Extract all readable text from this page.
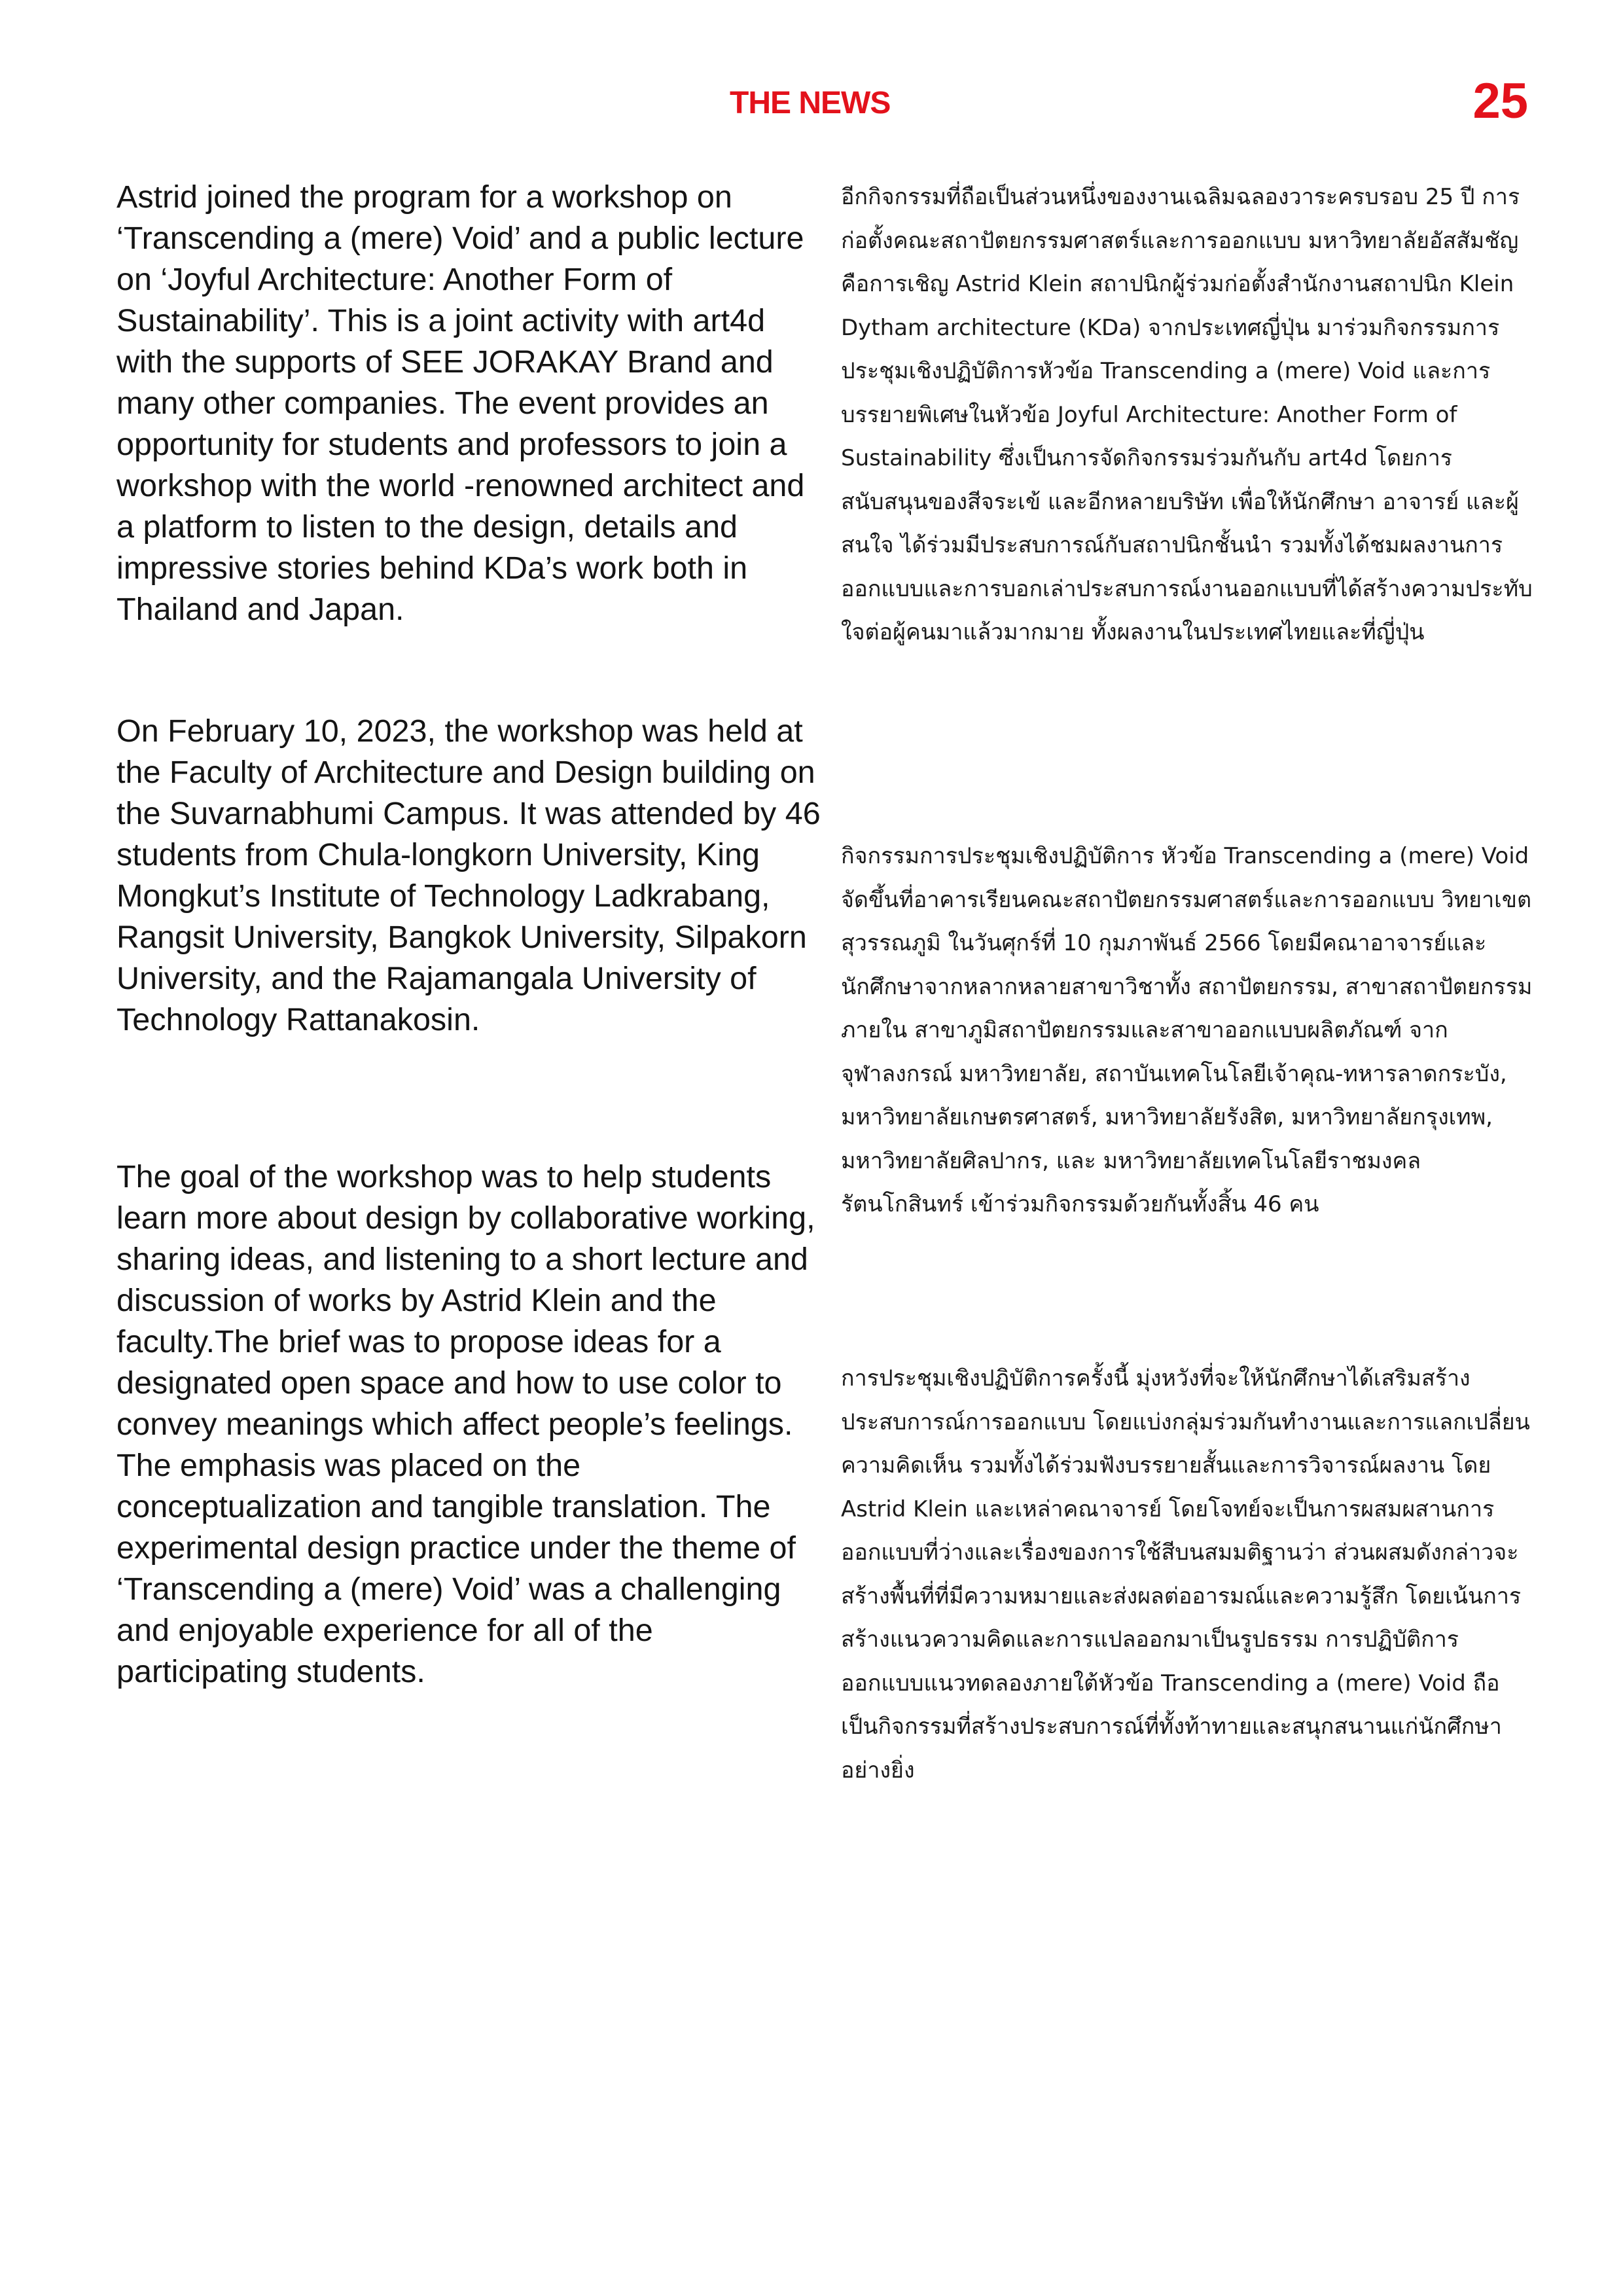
THE NEWS	25

Astrid joined the program for a workshop on ‘Transcending a (mere) Void’ and a public lecture on ‘Joyful Architecture: Another Form of Sustainability’. This is a joint activity with art4d with the supports of SEE JORAKAY Brand and many other companies. The event provides an opportunity for students and professors to join a workshop with the world -renowned architect and a platform to listen to the design, details and impressive stories behind KDa’s work both in Thailand and Japan.

On February 10, 2023, the workshop was held at the Faculty of Architecture and Design building on the Suvarnabhumi Campus. It was attended by 46 students from Chula-longkorn University, King Mongkut’s Institute of Technology Ladkrabang, Rangsit University, Bangkok University, Silpakorn University, and the Rajamangala University of Technology Rattanakosin.

The goal of the workshop was to help students learn more about design by collaborative working, sharing ideas, and listening to a short lecture and discussion of works by Astrid Klein and the faculty.The brief was to propose ideas for a designated open space and how to use color to convey meanings which affect people’s feelings. The emphasis was placed on the conceptualization and tangible translation. The experimental design practice under the theme of ‘Transcending a (mere) Void’ was a challenging and enjoyable experience for all of the participating students.

อีกกิจกรรมที่ถือเป็นส่วนหนึ่งของงานเฉลิมฉลองวาระครบรอบ 25 ปี การก่อตั้งคณะสถาปัตยกรรมศาสตร์และการออกแบบ มหาวิทยาลัยอัสสัมชัญ คือการเชิญ Astrid Klein สถาปนิกผู้ร่วมก่อตั้งสำนักงานสถาปนิก Klein Dytham architecture (KDa) จากประเทศญี่ปุ่น มาร่วมกิจกรรมการประชุมเชิงปฏิบัติการหัวข้อ Transcending a (mere) Void และการบรรยายพิเศษในหัวข้อ Joyful Architecture: Another Form of Sustainability ซึ่งเป็นการจัดกิจกรรมร่วมกันกับ art4d โดยการสนับสนุนของสีจระเข้ และอีกหลายบริษัท เพื่อให้นักศึกษา อาจารย์ และผู้สนใจ ได้ร่วมมีประสบการณ์กับสถาปนิกชั้นนำ รวมทั้งได้ชมผลงานการออกแบบและการบอกเล่าประสบการณ์งานออกแบบที่ได้สร้างความประทับใจต่อผู้คนมาแล้วมากมาย ทั้งผลงานในประเทศไทยและที่ญี่ปุ่น

กิจกรรมการประชุมเชิงปฏิบัติการ หัวข้อ Transcending a (mere) Void จัดขึ้นที่อาคารเรียนคณะสถาปัตยกรรมศาสตร์และการออกแบบ วิทยาเขตสุวรรณภูมิ ในวันศุกร์ที่ 10 กุมภาพันธ์ 2566 โดยมีคณาอาจารย์และนักศึกษาจากหลากหลายสาขาวิชาทั้ง สถาปัตยกรรม, สาขาสถาปัตยกรรมภายใน สาขาภูมิสถาปัตยกรรมและสาขาออกแบบผลิตภัณฑ์ จาก จุฬาลงกรณ์ มหาวิทยาลัย, สถาบันเทคโนโลยีเจ้าคุณ-ทหารลาดกระบัง, มหาวิทยาลัยเกษตรศาสตร์, มหาวิทยาลัยรังสิต, มหาวิทยาลัยกรุงเทพ, มหาวิทยาลัยศิลปากร, และ มหาวิทยาลัยเทคโนโลยีราชมงคลรัตนโกสินทร์ เข้าร่วมกิจกรรมด้วยกันทั้งสิ้น 46 คน

การประชุมเชิงปฏิบัติการครั้งนี้ มุ่งหวังที่จะให้นักศึกษาได้เสริมสร้างประสบการณ์การออกแบบ โดยแบ่งกลุ่มร่วมกันทำงานและการแลกเปลี่ยนความคิดเห็น รวมทั้งได้ร่วมฟังบรรยายสั้นและการวิจารณ์ผลงาน โดย Astrid Klein และเหล่าคณาจารย์ โดยโจทย์จะเป็นการผสมผสานการออกแบบที่ว่างและเรื่องของการใช้สีบนสมมติฐานว่า ส่วนผสมดังกล่าวจะสร้างพื้นที่ที่มีความหมายและส่งผลต่ออารมณ์และความรู้สึก โดยเน้นการสร้างแนวความคิดและการแปลออกมาเป็นรูปธรรม การปฏิบัติการออกแบบแนวทดลองภายใต้หัวข้อ Transcending a (mere) Void ถือเป็นกิจกรรมที่สร้างประสบการณ์ที่ทั้งท้าทายและสนุกสนานแก่นักศึกษาอย่างยิ่ง
